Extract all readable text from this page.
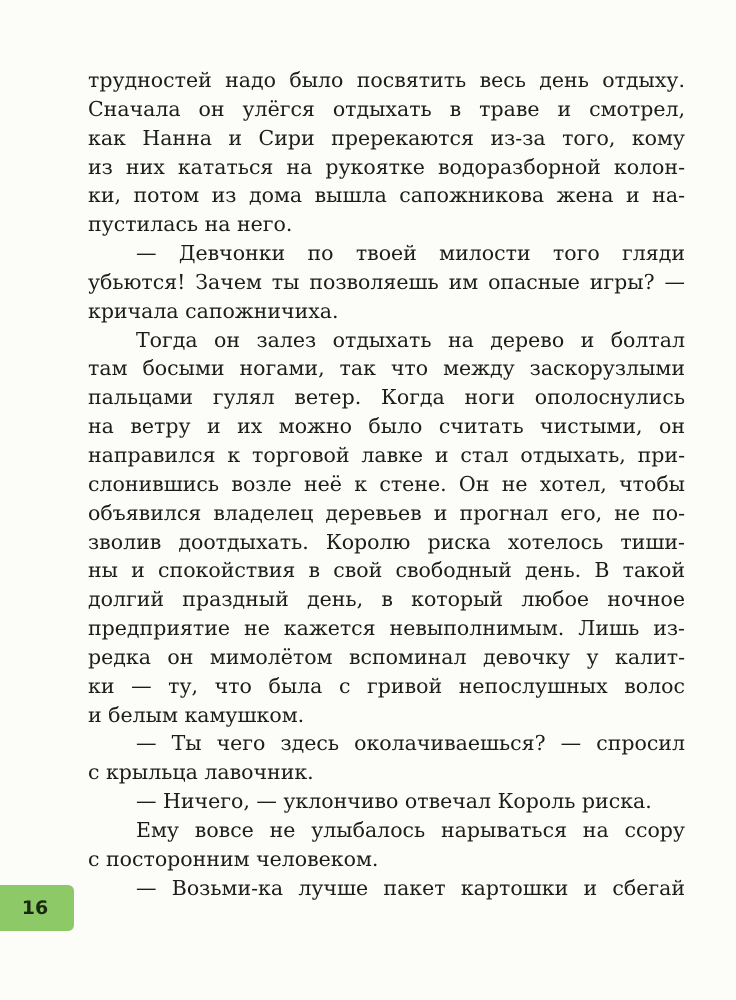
трудностей надо было посвятить весь день отдыху.
Сначала он улёгся отдыхать в траве и смотрел,
как Нанна и Сири пререкаются из-за того, кому
из них кататься на рукоятке водоразборной колон-
ки, потом из дома вышла сапожникова жена и на-
пустилась на него.
— Девчонки по твоей милости того гляди
убьются! Зачем ты позволяешь им опасные игры? —
кричала сапожничиха.
Тогда он залез отдыхать на дерево и болтал
там босыми ногами, так что между заскорузлыми
пальцами гулял ветер. Когда ноги ополоснулись
на ветру и их можно было считать чистыми, он
направился к торговой лавке и стал отдыхать, при-
слонившись возле неё к стене. Он не хотел, чтобы
объявился владелец деревьев и прогнал его, не по-
зволив доотдыхать. Королю риска хотелось тиши-
ны и спокойствия в свой свободный день. В такой
долгий праздный день, в который любое ночное
предприятие не кажется невыполнимым. Лишь из-
редка он мимолётом вспоминал девочку у калит-
ки — ту, что была с гривой непослушных волос
и белым камушком.
— Ты чего здесь околачиваешься? — спросил
с крыльца лавочник.
— Ничего, — уклончиво отвечал Король риска.
Ему вовсе не улыбалось нарываться на ссору
с посторонним человеком.
— Возьми-ка лучше пакет картошки и сбегай
16
